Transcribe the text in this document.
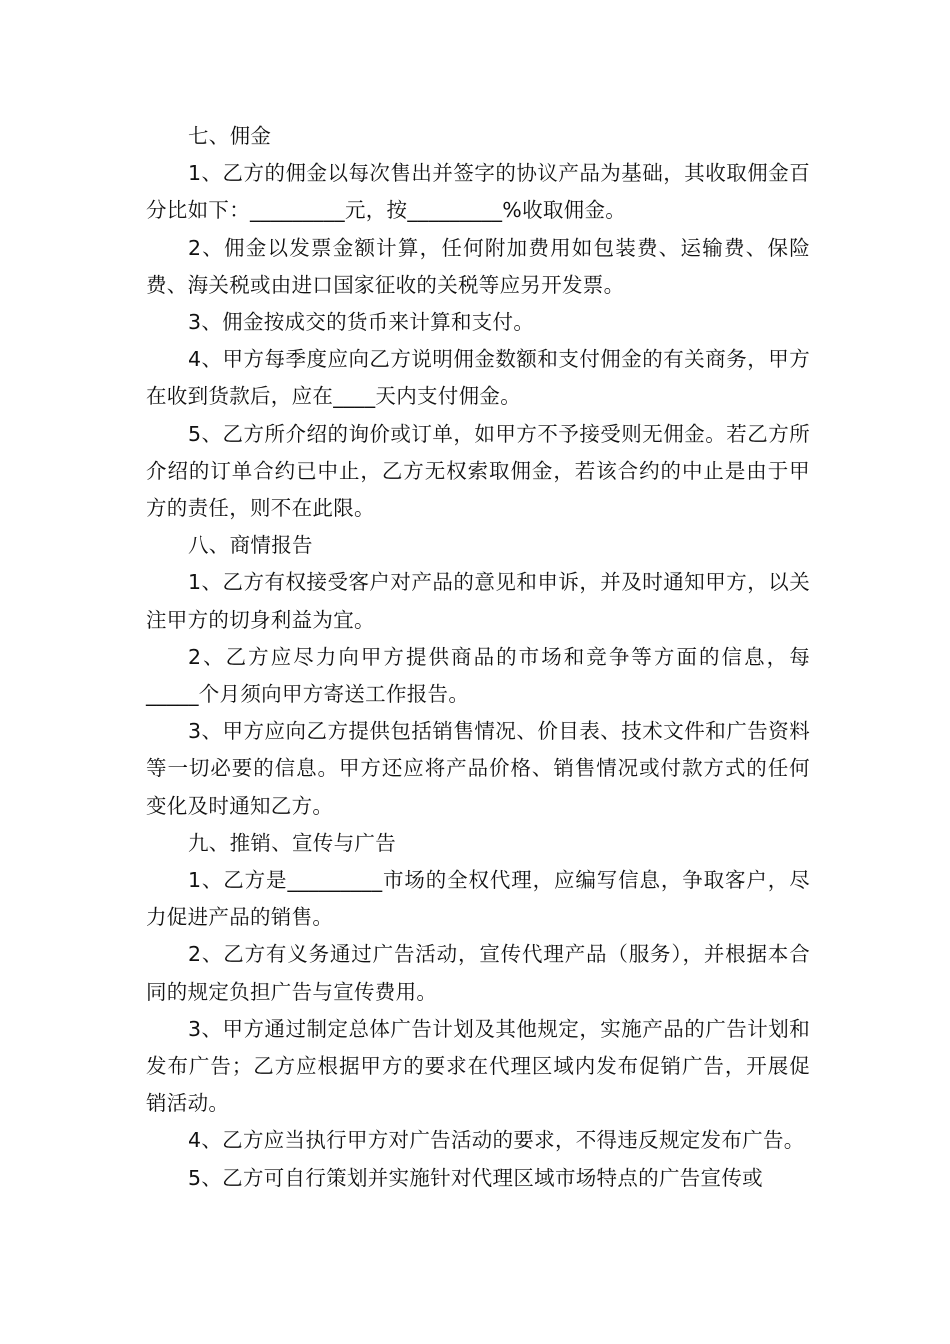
七、佣金

1、乙方的佣金以每次售出并签字的协议产品为基础，其收取佣金百分比如下：_________元，按_________%收取佣金。

2、佣金以发票金额计算，任何附加费用如包装费、运输费、保险费、海关税或由进口国家征收的关税等应另开发票。

3、佣金按成交的货币来计算和支付。

4、甲方每季度应向乙方说明佣金数额和支付佣金的有关商务，甲方在收到货款后，应在____天内支付佣金。

5、乙方所介绍的询价或订单，如甲方不予接受则无佣金。若乙方所介绍的订单合约已中止，乙方无权索取佣金，若该合约的中止是由于甲方的责任，则不在此限。

八、商情报告

1、乙方有权接受客户对产品的意见和申诉，并及时通知甲方，以关注甲方的切身利益为宜。

2、乙方应尽力向甲方提供商品的市场和竞争等方面的信息，每_____个月须向甲方寄送工作报告。

3、甲方应向乙方提供包括销售情况、价目表、技术文件和广告资料等一切必要的信息。甲方还应将产品价格、销售情况或付款方式的任何变化及时通知乙方。

九、推销、宣传与广告

1、乙方是_________市场的全权代理，应编写信息，争取客户，尽力促进产品的销售。

2、乙方有义务通过广告活动，宣传代理产品（服务），并根据本合同的规定负担广告与宣传费用。

3、甲方通过制定总体广告计划及其他规定，实施产品的广告计划和发布广告；乙方应根据甲方的要求在代理区域内发布促销广告，开展促销活动。

4、乙方应当执行甲方对广告活动的要求，不得违反规定发布广告。

5、乙方可自行策划并实施针对代理区域市场特点的广告宣传或
